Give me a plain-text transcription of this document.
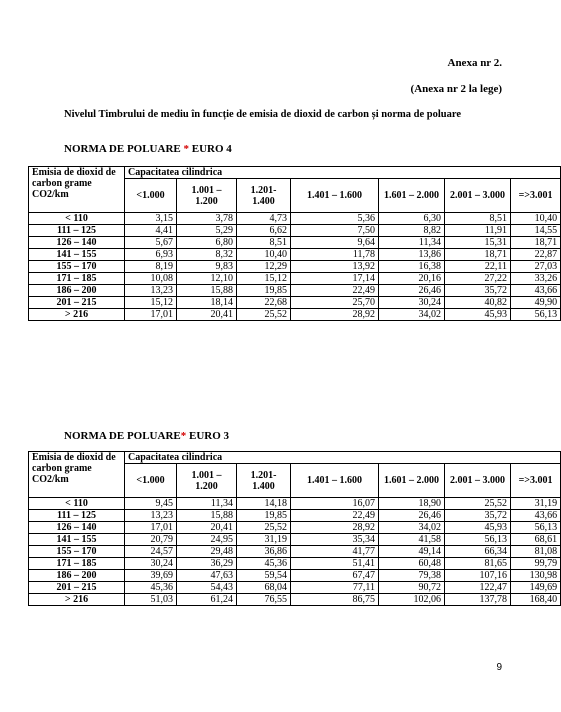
Anexa nr 2.
(Anexa nr 2 la lege)
Nivelul Timbrului de mediu în funcție de emisia de dioxid de carbon și norma de poluare
NORMA DE POLUARE * EURO 4
Emisia de dioxid de carbon grame CO2/km	Capacitatea cilindrica						
	<1.000	1.001 – 1.200	1.201- 1.400	1.401 – 1.600	1.601 – 2.000	2.001 – 3.000	=>3.001
< 110	3,15	3,78	4,73	5,36	6,30	8,51	10,40
111 – 125	4,41	5,29	6,62	7,50	8,82	11,91	14,55
126 – 140	5,67	6,80	8,51	9,64	11,34	15,31	18,71
141 – 155	6,93	8,32	10,40	11,78	13,86	18,71	22,87
155 – 170	8,19	9,83	12,29	13,92	16,38	22,11	27,03
171 – 185	10,08	12,10	15,12	17,14	20,16	27,22	33,26
186 – 200	13,23	15,88	19,85	22,49	26,46	35,72	43,66
201 – 215	15,12	18,14	22,68	25,70	30,24	40,82	49,90
> 216	17,01	20,41	25,52	28,92	34,02	45,93	56,13
NORMA DE POLUARE* EURO 3
Emisia de dioxid de carbon grame CO2/km	Capacitatea cilindrica						
	<1.000	1.001 – 1.200	1.201- 1.400	1.401 – 1.600	1.601 – 2.000	2.001 – 3.000	=>3.001
< 110	9,45	11,34	14,18	16,07	18,90	25,52	31,19
111 – 125	13,23	15,88	19,85	22,49	26,46	35,72	43,66
126 – 140	17,01	20,41	25,52	28,92	34,02	45,93	56,13
141 – 155	20,79	24,95	31,19	35,34	41,58	56,13	68,61
155 – 170	24,57	29,48	36,86	41,77	49,14	66,34	81,08
171 – 185	30,24	36,29	45,36	51,41	60,48	81,65	99,79
186 – 200	39,69	47,63	59,54	67,47	79,38	107,16	130,98
201 – 215	45,36	54,43	68,04	77,11	90,72	122,47	149,69
> 216	51,03	61,24	76,55	86,75	102,06	137,78	168,40
9
